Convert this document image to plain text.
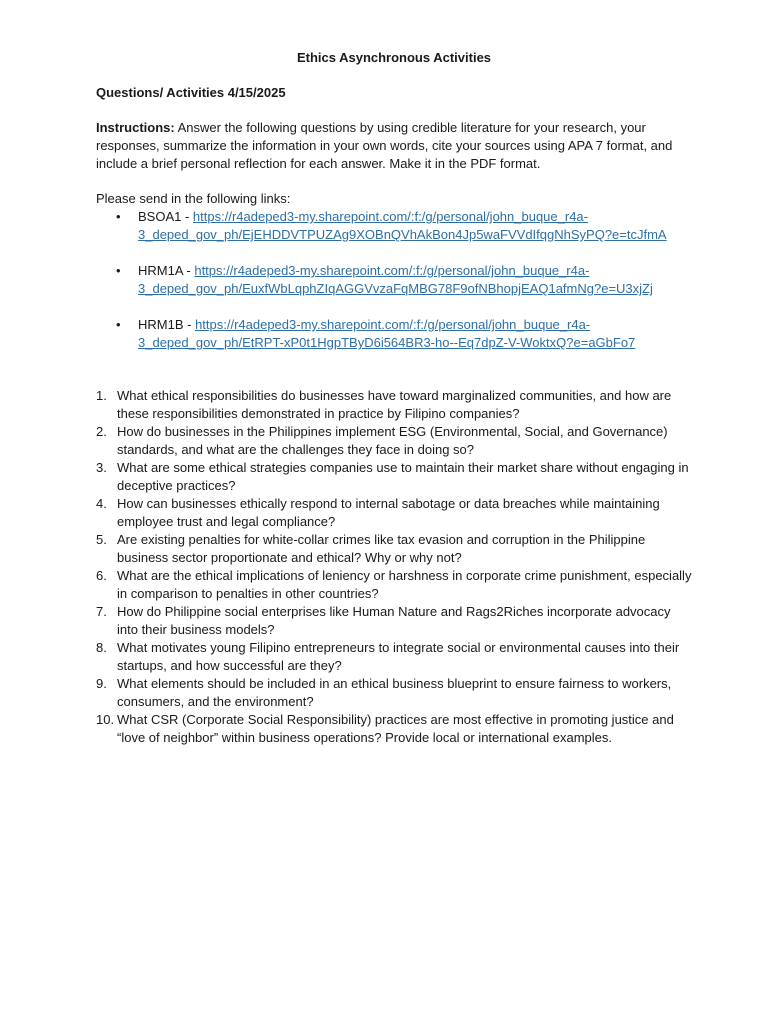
Ethics Asynchronous Activities

Questions/ Activities 4/15/2025

Instructions: Answer the following questions by using credible literature for your research, your
responses, summarize the information in your own words, cite your sources using APA 7 format, and
include a brief personal reflection for each answer. Make it in the PDF format.

Please send in the following links:

• BSOA1 - https://r4adeped3-my.sharepoint.com/:f:/g/personal/john_buque_r4a-
3_deped_gov_ph/EjEHDDVTPUZAg9XOBnQVhAkBon4Jp5waFVVdIfqgNhSyPQ?e=tcJfmA
• HRM1A - https://r4adeped3-my.sharepoint.com/:f:/g/personal/john_buque_r4a-
3_deped_gov_ph/EuxfWbLqphZIqAGGVvzaFqMBG78F9ofNBhopjEAQ1afmNg?e=U3xjZj
• HRM1B - https://r4adeped3-my.sharepoint.com/:f:/g/personal/john_buque_r4a-
3_deped_gov_ph/EtRPT-xP0t1HgpTByD6i564BR3-ho--Eq7dpZ-V-WoktxQ?e=aGbFo7
1. What ethical responsibilities do businesses have toward marginalized communities, and how are
these responsibilities demonstrated in practice by Filipino companies?
2. How do businesses in the Philippines implement ESG (Environmental, Social, and Governance)
standards, and what are the challenges they face in doing so?
3. What are some ethical strategies companies use to maintain their market share without engaging in
deceptive practices?
4. How can businesses ethically respond to internal sabotage or data breaches while maintaining
employee trust and legal compliance?
5. Are existing penalties for white-collar crimes like tax evasion and corruption in the Philippine
business sector proportionate and ethical? Why or why not?
6. What are the ethical implications of leniency or harshness in corporate crime punishment, especially
in comparison to penalties in other countries?
7. How do Philippine social enterprises like Human Nature and Rags2Riches incorporate advocacy
into their business models?
8. What motivates young Filipino entrepreneurs to integrate social or environmental causes into their
startups, and how successful are they?
9. What elements should be included in an ethical business blueprint to ensure fairness to workers,
consumers, and the environment?
10. What CSR (Corporate Social Responsibility) practices are most effective in promoting justice and
“love of neighbor” within business operations? Provide local or international examples.
